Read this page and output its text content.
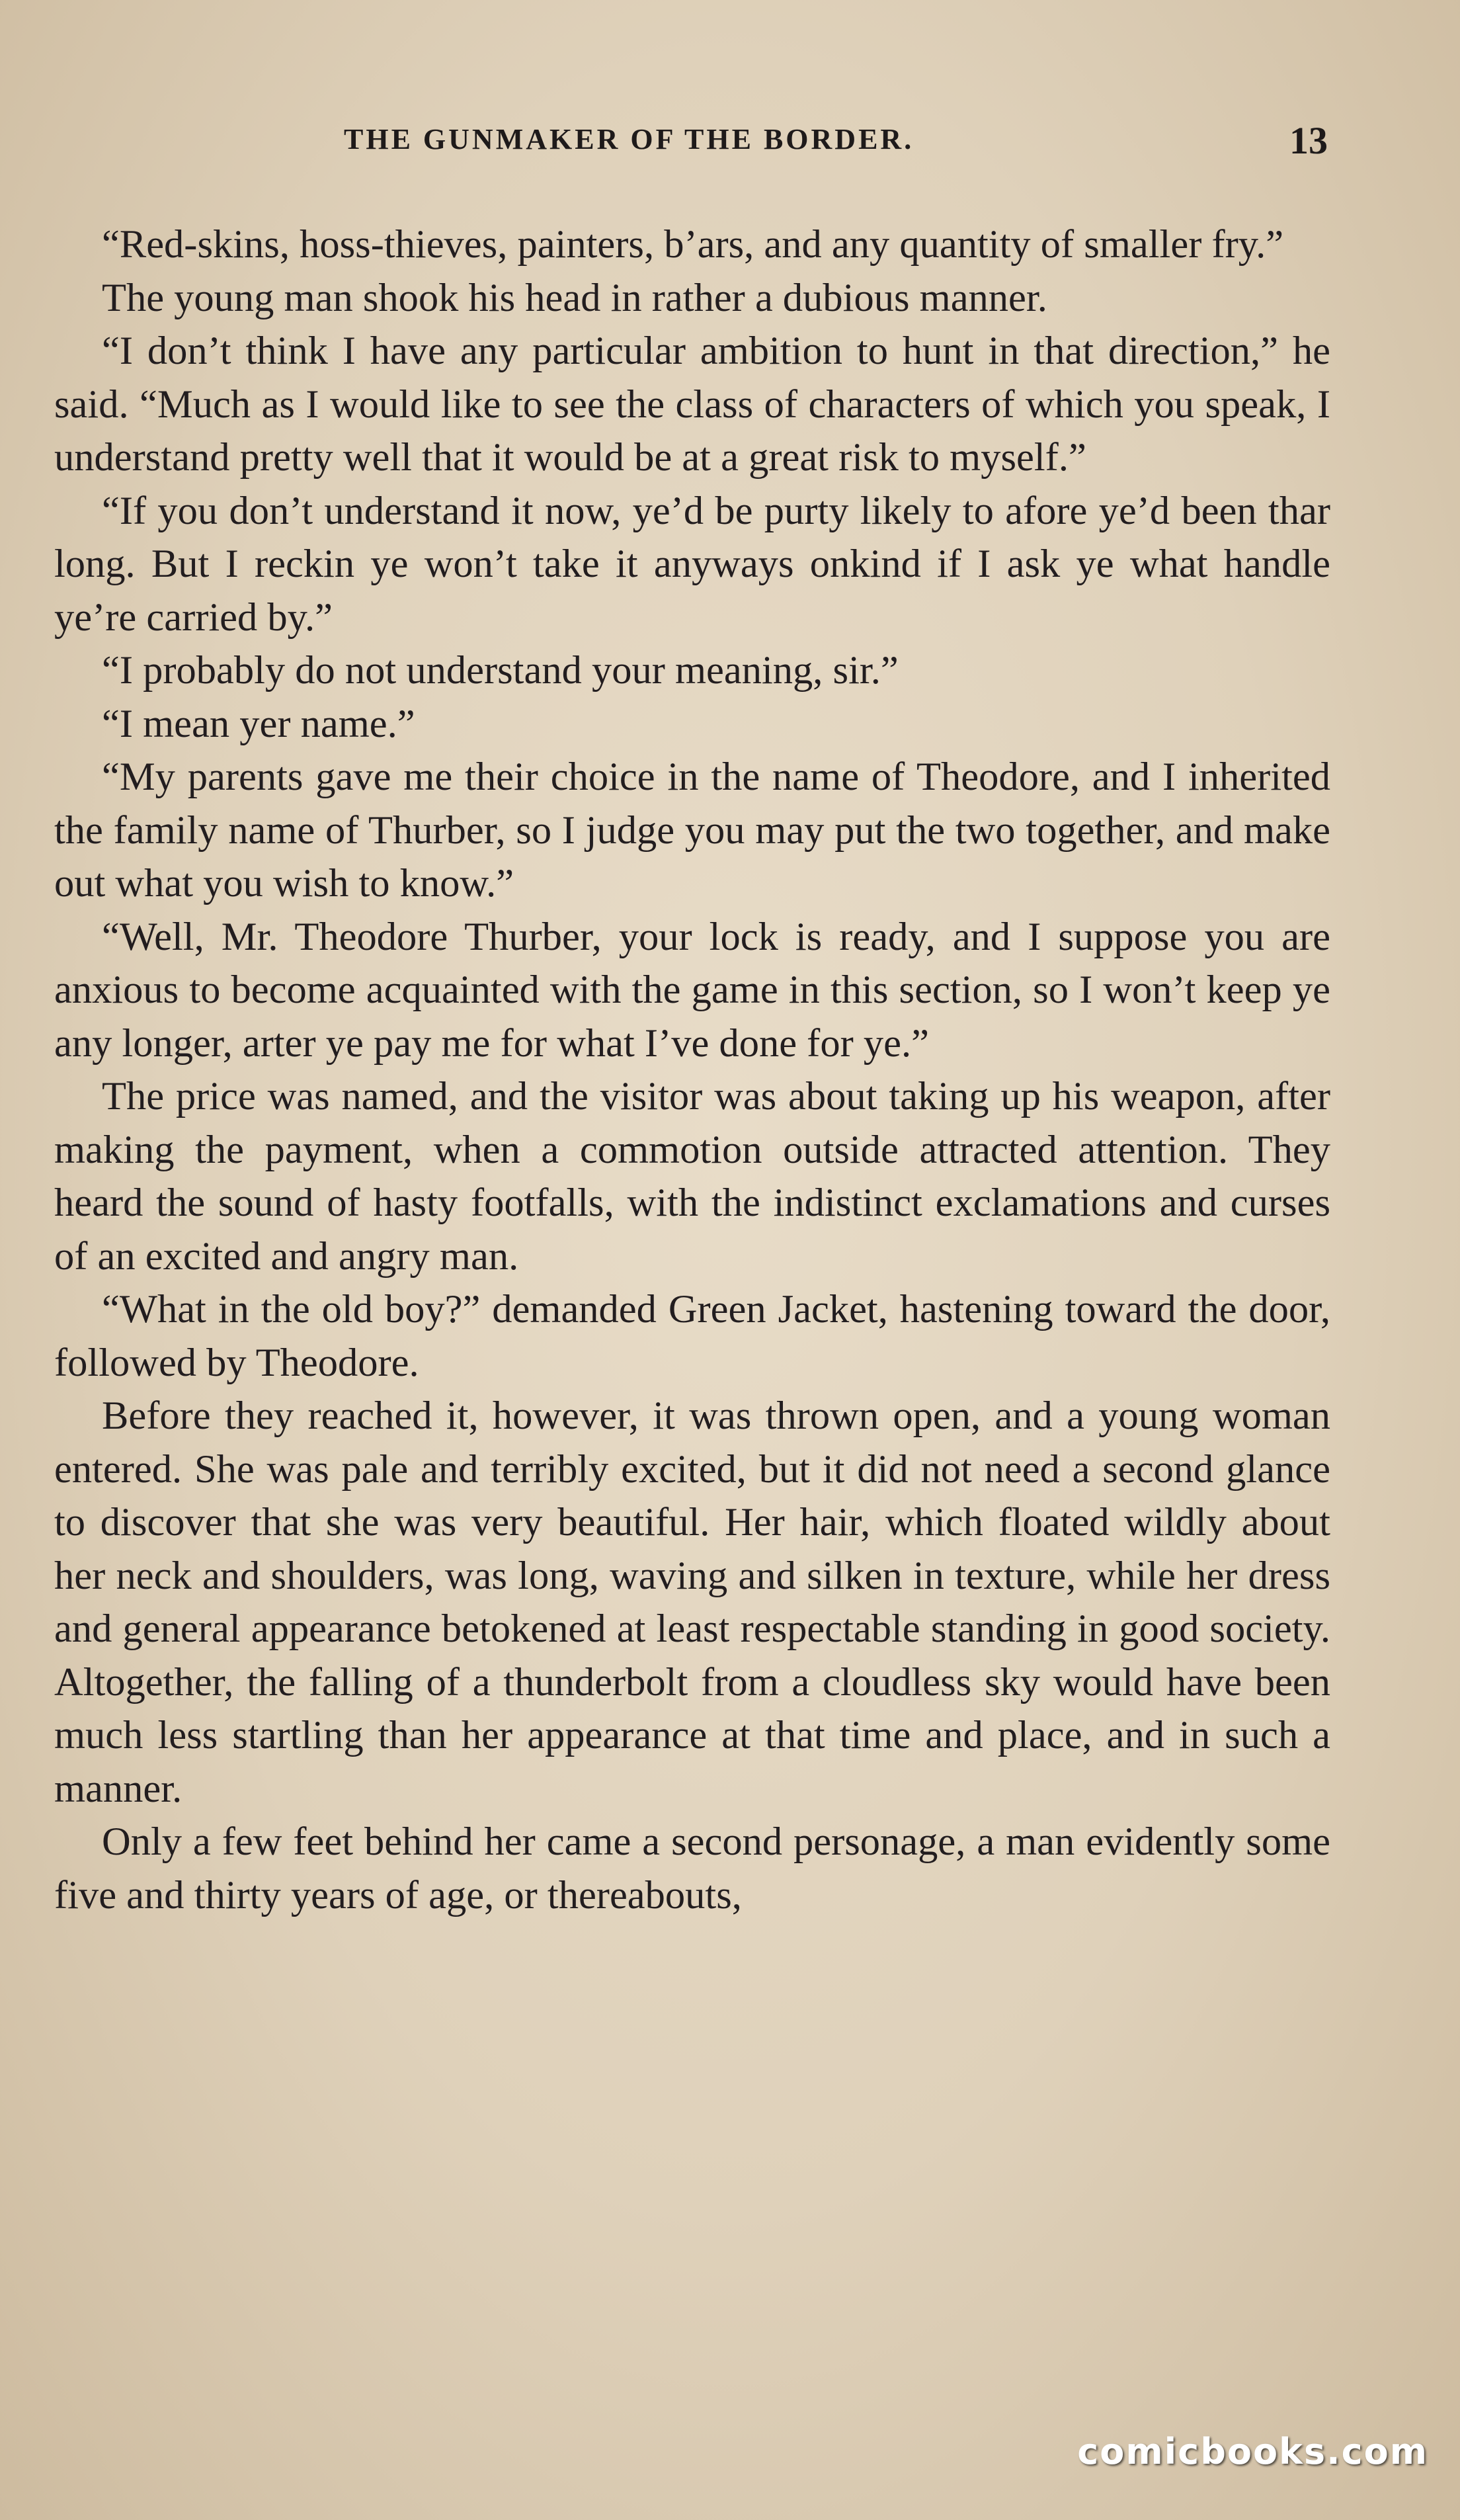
THE GUNMAKER OF THE BORDER.	13

“Red-skins, hoss-thieves, painters, b’ars, and any quantity of smaller fry.”

The young man shook his head in rather a dubious manner.

“I don’t think I have any particular ambition to hunt in that direction,” he said. “Much as I would like to see the class of characters of which you speak, I understand pretty well that it would be at a great risk to myself.”

“If you don’t understand it now, ye’d be purty likely to afore ye’d been thar long. But I reckin ye won’t take it anyways onkind if I ask ye what handle ye’re carried by.”

“I probably do not understand your meaning, sir.”

“I mean yer name.”

“My parents gave me their choice in the name of Theodore, and I inherited the family name of Thurber, so I judge you may put the two together, and make out what you wish to know.”

“Well, Mr. Theodore Thurber, your lock is ready, and I suppose you are anxious to become acquainted with the game in this section, so I won’t keep ye any longer, arter ye pay me for what I’ve done for ye.”

The price was named, and the visitor was about taking up his weapon, after making the payment, when a commotion outside attracted attention. They heard the sound of hasty footfalls, with the indistinct exclamations and curses of an excited and angry man.

“What in the old boy?” demanded Green Jacket, hastening toward the door, followed by Theodore.

Before they reached it, however, it was thrown open, and a young woman entered. She was pale and terribly excited, but it did not need a second glance to discover that she was very beautiful. Her hair, which floated wildly about her neck and shoulders, was long, waving and silken in texture, while her dress and general appearance betokened at least respectable standing in good society. Altogether, the falling of a thunderbolt from a cloudless sky would have been much less startling than her appearance at that time and place, and in such a manner.

Only a few feet behind her came a second personage, a man evidently some five and thirty years of age, or thereabouts,

comicbooks.com
